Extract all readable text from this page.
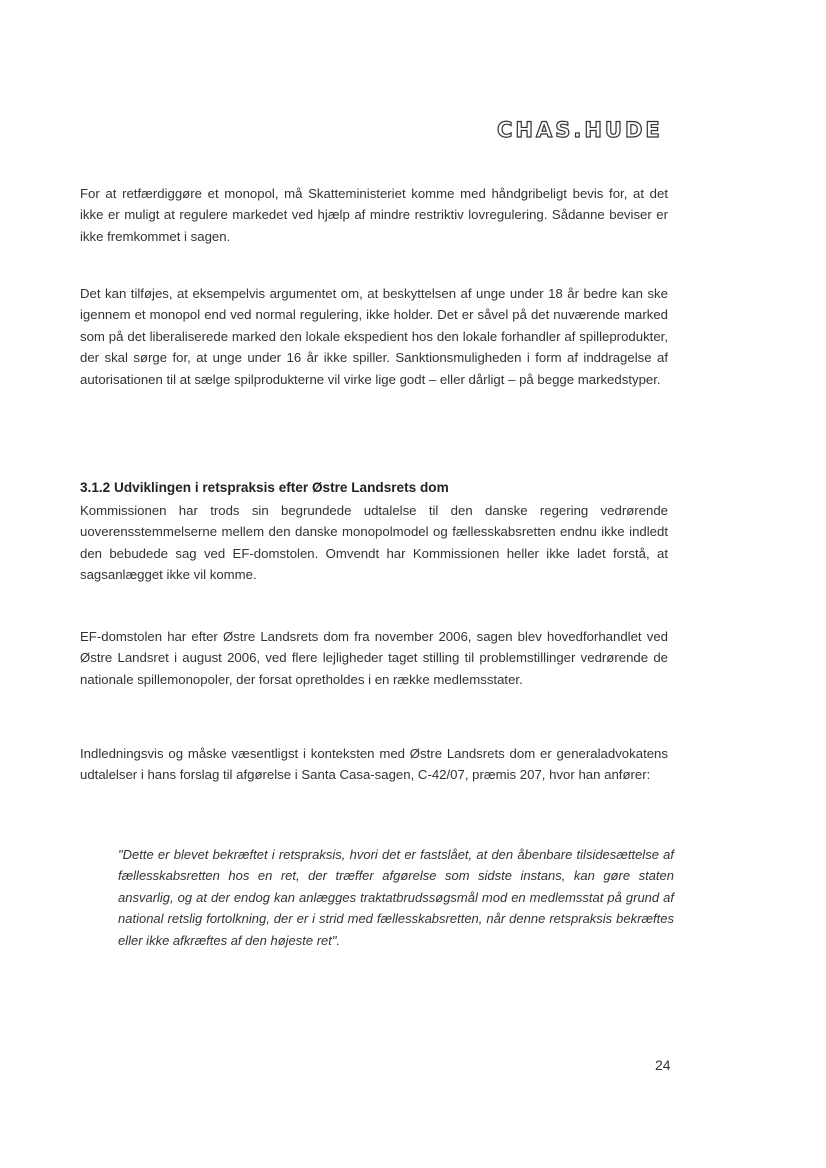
CHAS.HUDE

For at retfærdiggøre et monopol, må Skatteministeriet komme med håndgribeligt bevis for, at det ikke er muligt at regulere markedet ved hjælp af mindre restriktiv lovregulering. Sådanne beviser er ikke fremkommet i sagen.

Det kan tilføjes, at eksempelvis argumentet om, at beskyttelsen af unge under 18 år bedre kan ske igennem et monopol end ved normal regulering, ikke holder. Det er såvel på det nuværende marked som på det liberaliserede marked den lokale ekspedient hos den lokale forhandler af spilleprodukter, der skal sørge for, at unge under 16 år ikke spiller. Sanktionsmuligheden i form af inddragelse af autorisationen til at sælge spilprodukterne vil virke lige godt – eller dårligt – på begge markedstyper.

3.1.2 Udviklingen i retspraksis efter Østre Landsrets dom

Kommissionen har trods sin begrundede udtalelse til den danske regering vedrørende uoverensstemmelserne mellem den danske monopolmodel og fællesskabsretten endnu ikke indledt den bebudede sag ved EF-domstolen. Omvendt har Kommissionen heller ikke ladet forstå, at sagsanlægget ikke vil komme.

EF-domstolen har efter Østre Landsrets dom fra november 2006, sagen blev hovedforhandlet ved Østre Landsret i august 2006, ved flere lejligheder taget stilling til problemstillinger vedrørende de nationale spillemonopoler, der forsat opretholdes i en række medlemsstater.

Indledningsvis og måske væsentligst i konteksten med Østre Landsrets dom er generaladvokatens udtalelser i hans forslag til afgørelse i Santa Casa-sagen, C-42/07, præmis 207, hvor han anfører:

"Dette er blevet bekræftet i retspraksis, hvori det er fastslået, at den åbenbare tilsidesættelse af fællesskabsretten hos en ret, der træffer afgørelse som sidste instans, kan gøre staten ansvarlig, og at der endog kan anlægges traktatbrudssøgsmål mod en medlemsstat på grund af national retslig fortolkning, der er i strid med fællesskabsretten, når denne retspraksis bekræftes eller ikke afkræftes af den højeste ret".
24
